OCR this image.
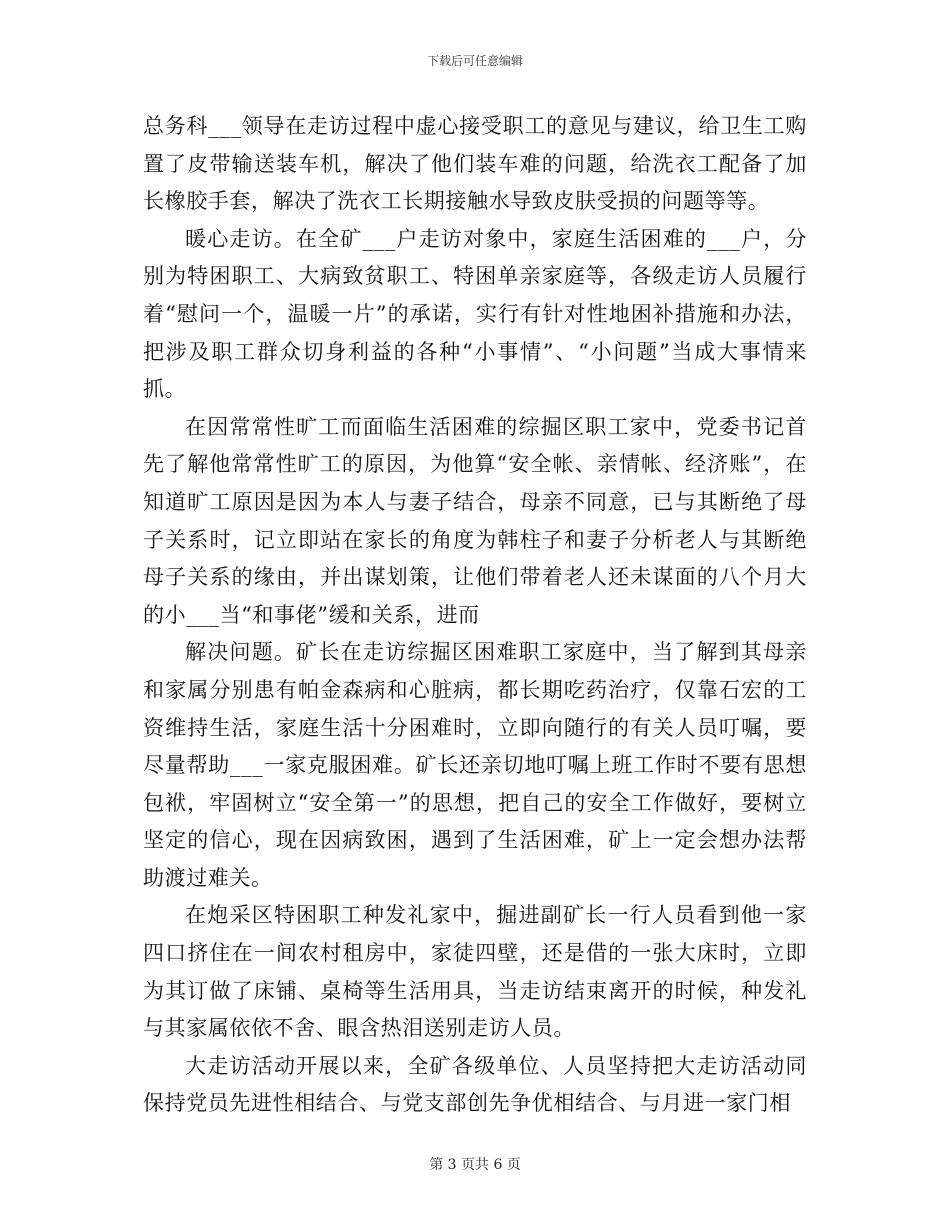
下载后可任意编辑

总务科___领导在走访过程中虚心接受职工的意见与建议，给卫生工购置了皮带输送装车机，解决了他们装车难的问题，给洗衣工配备了加长橡胶手套，解决了洗衣工长期接触水导致皮肤受损的问题等等。

暖心走访。在全矿___户走访对象中，家庭生活困难的___户，分别为特困职工、大病致贫职工、特困单亲家庭等，各级走访人员履行着“慰问一个，温暖一片”的承诺，实行有针对性地困补措施和办法，把涉及职工群众切身利益的各种“小事情”、“小问题”当成大事情来抓。

在因常常性旷工而面临生活困难的综掘区职工家中，党委书记首先了解他常常性旷工的原因，为他算“安全帐、亲情帐、经济账”，在知道旷工原因是因为本人与妻子结合，母亲不同意，已与其断绝了母子关系时，记立即站在家长的角度为韩柱子和妻子分析老人与其断绝母子关系的缘由，并出谋划策，让他们带着老人还未谋面的八个月大的小___当“和事佬”缓和关系，进而

解决问题。矿长在走访综掘区困难职工家庭中，当了解到其母亲和家属分别患有帕金森病和心脏病，都长期吃药治疗，仅靠石宏的工资维持生活，家庭生活十分困难时，立即向随行的有关人员叮嘱，要尽量帮助___一家克服困难。矿长还亲切地叮嘱上班工作时不要有思想包袱，牢固树立“安全第一”的思想，把自己的安全工作做好，要树立坚定的信心，现在因病致困，遇到了生活困难，矿上一定会想办法帮助渡过难关。

在炮采区特困职工种发礼家中，掘进副矿长一行人员看到他一家四口挤住在一间农村租房中，家徒四壁，还是借的一张大床时，立即为其订做了床铺、桌椅等生活用具，当走访结束离开的时候，种发礼与其家属依依不舍、眼含热泪送别走访人员。

大走访活动开展以来，全矿各级单位、人员坚持把大走访活动同保持党员先进性相结合、与党支部创先争优相结合、与月进一家门相

第 3 页共 6 页
